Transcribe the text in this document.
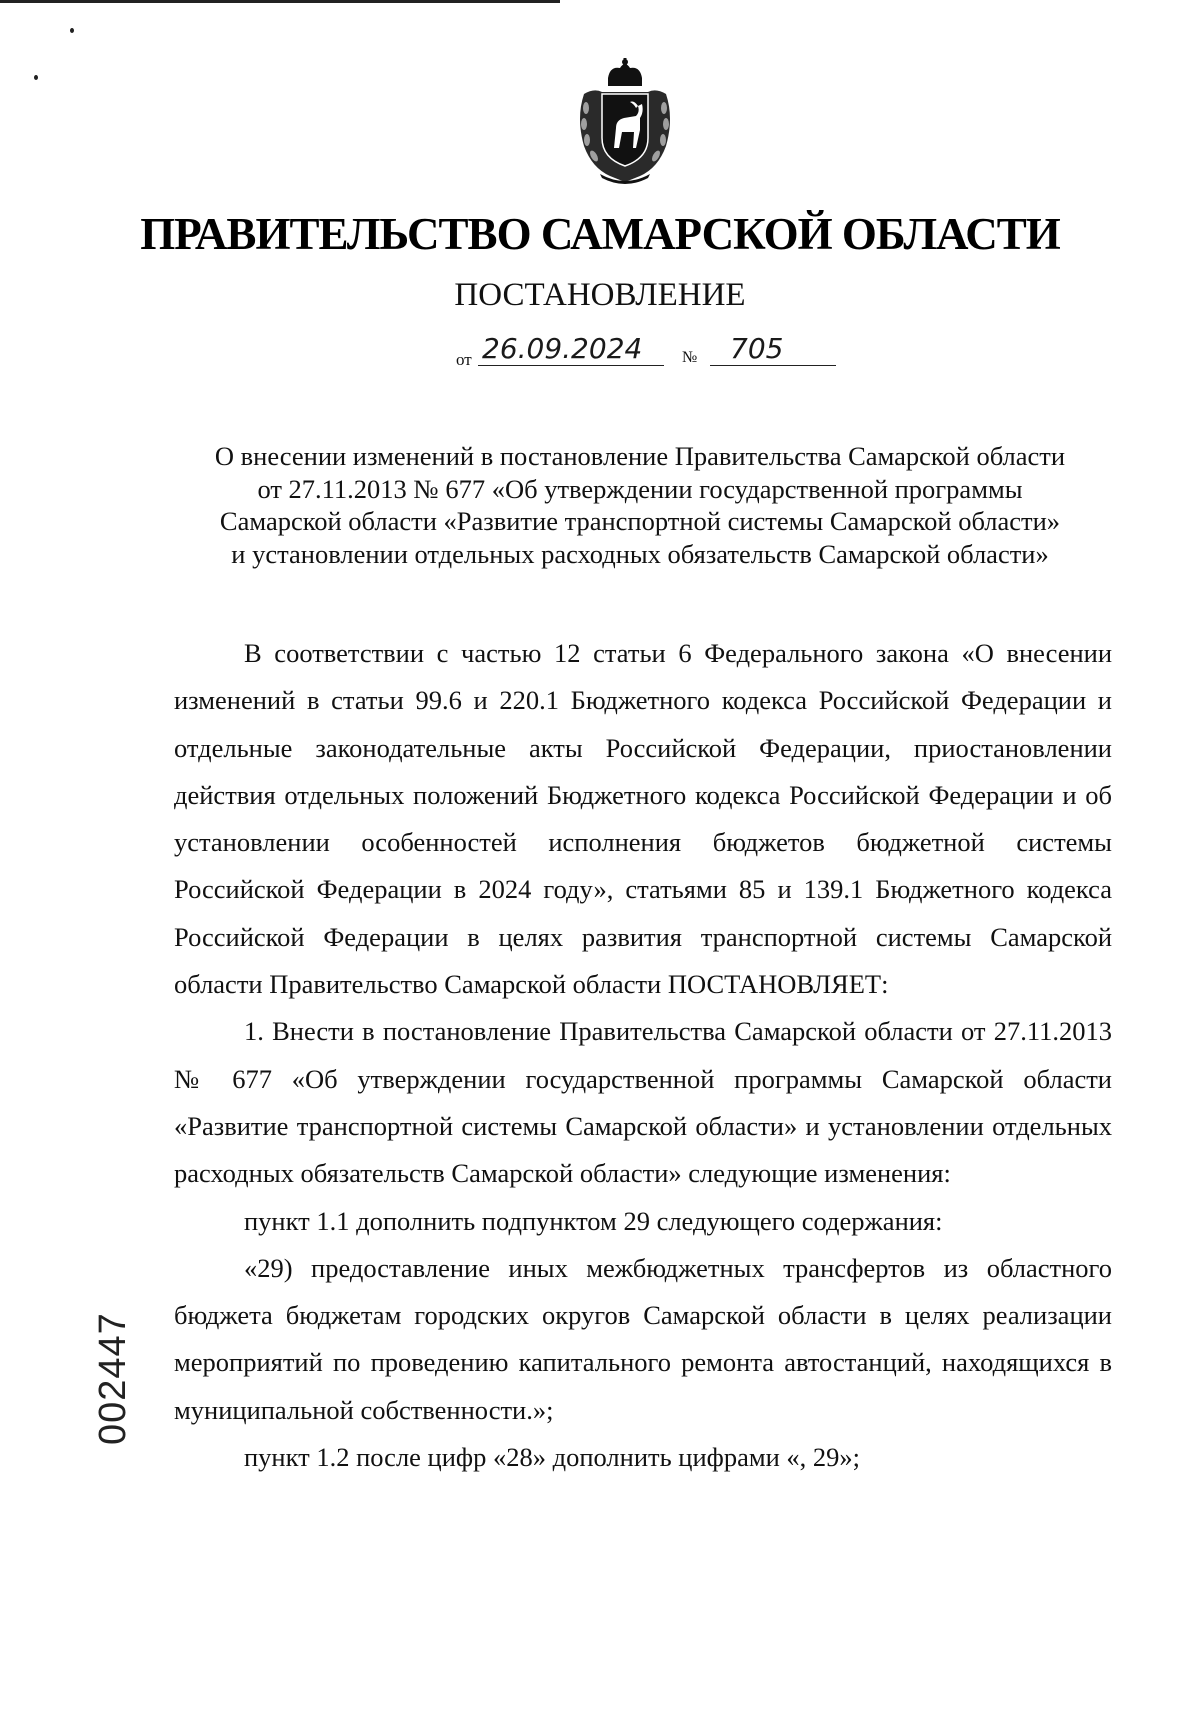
ПРАВИТЕЛЬСТВО САМАРСКОЙ ОБЛАСТИ
ПОСТАНОВЛЕНИЕ
от 26.09.2024	№	705
О внесении изменений в постановление Правительства Самарской области
от 27.11.2013 № 677 «Об утверждении государственной программы
Самарской области «Развитие транспортной системы Самарской области»
и установлении отдельных расходных обязательств Самарской области»

В соответствии с частью 12 статьи 6 Федерального закона «О внесении изменений в статьи 99.6 и 220.1 Бюджетного кодекса Российской Федерации и отдельные законодательные акты Российской Федерации, приостановлении действия отдельных положений Бюджетного кодекса Российской Федерации и об установлении особенностей исполнения бюджетов бюджетной системы Российской Федерации в 2024 году», статьями 85 и 139.1 Бюджетного кодекса Российской Федерации в целях развития транспортной системы Самарской области Правительство Самарской области ПОСТАНОВЛЯЕТ:

1. Внести в постановление Правительства Самарской области от 27.11.2013 № 677 «Об утверждении государственной программы Самарской области «Развитие транспортной системы Самарской области» и установлении отдельных расходных обязательств Самарской области» следующие изменения:

пункт 1.1 дополнить подпунктом 29 следующего содержания:

«29) предоставление иных межбюджетных трансфертов из областного бюджета бюджетам городских округов Самарской области в целях реализации мероприятий по проведению капитального ремонта автостанций, находящихся в муниципальной собственности.»;

пункт 1.2 после цифр «28» дополнить цифрами «, 29»;

002447
